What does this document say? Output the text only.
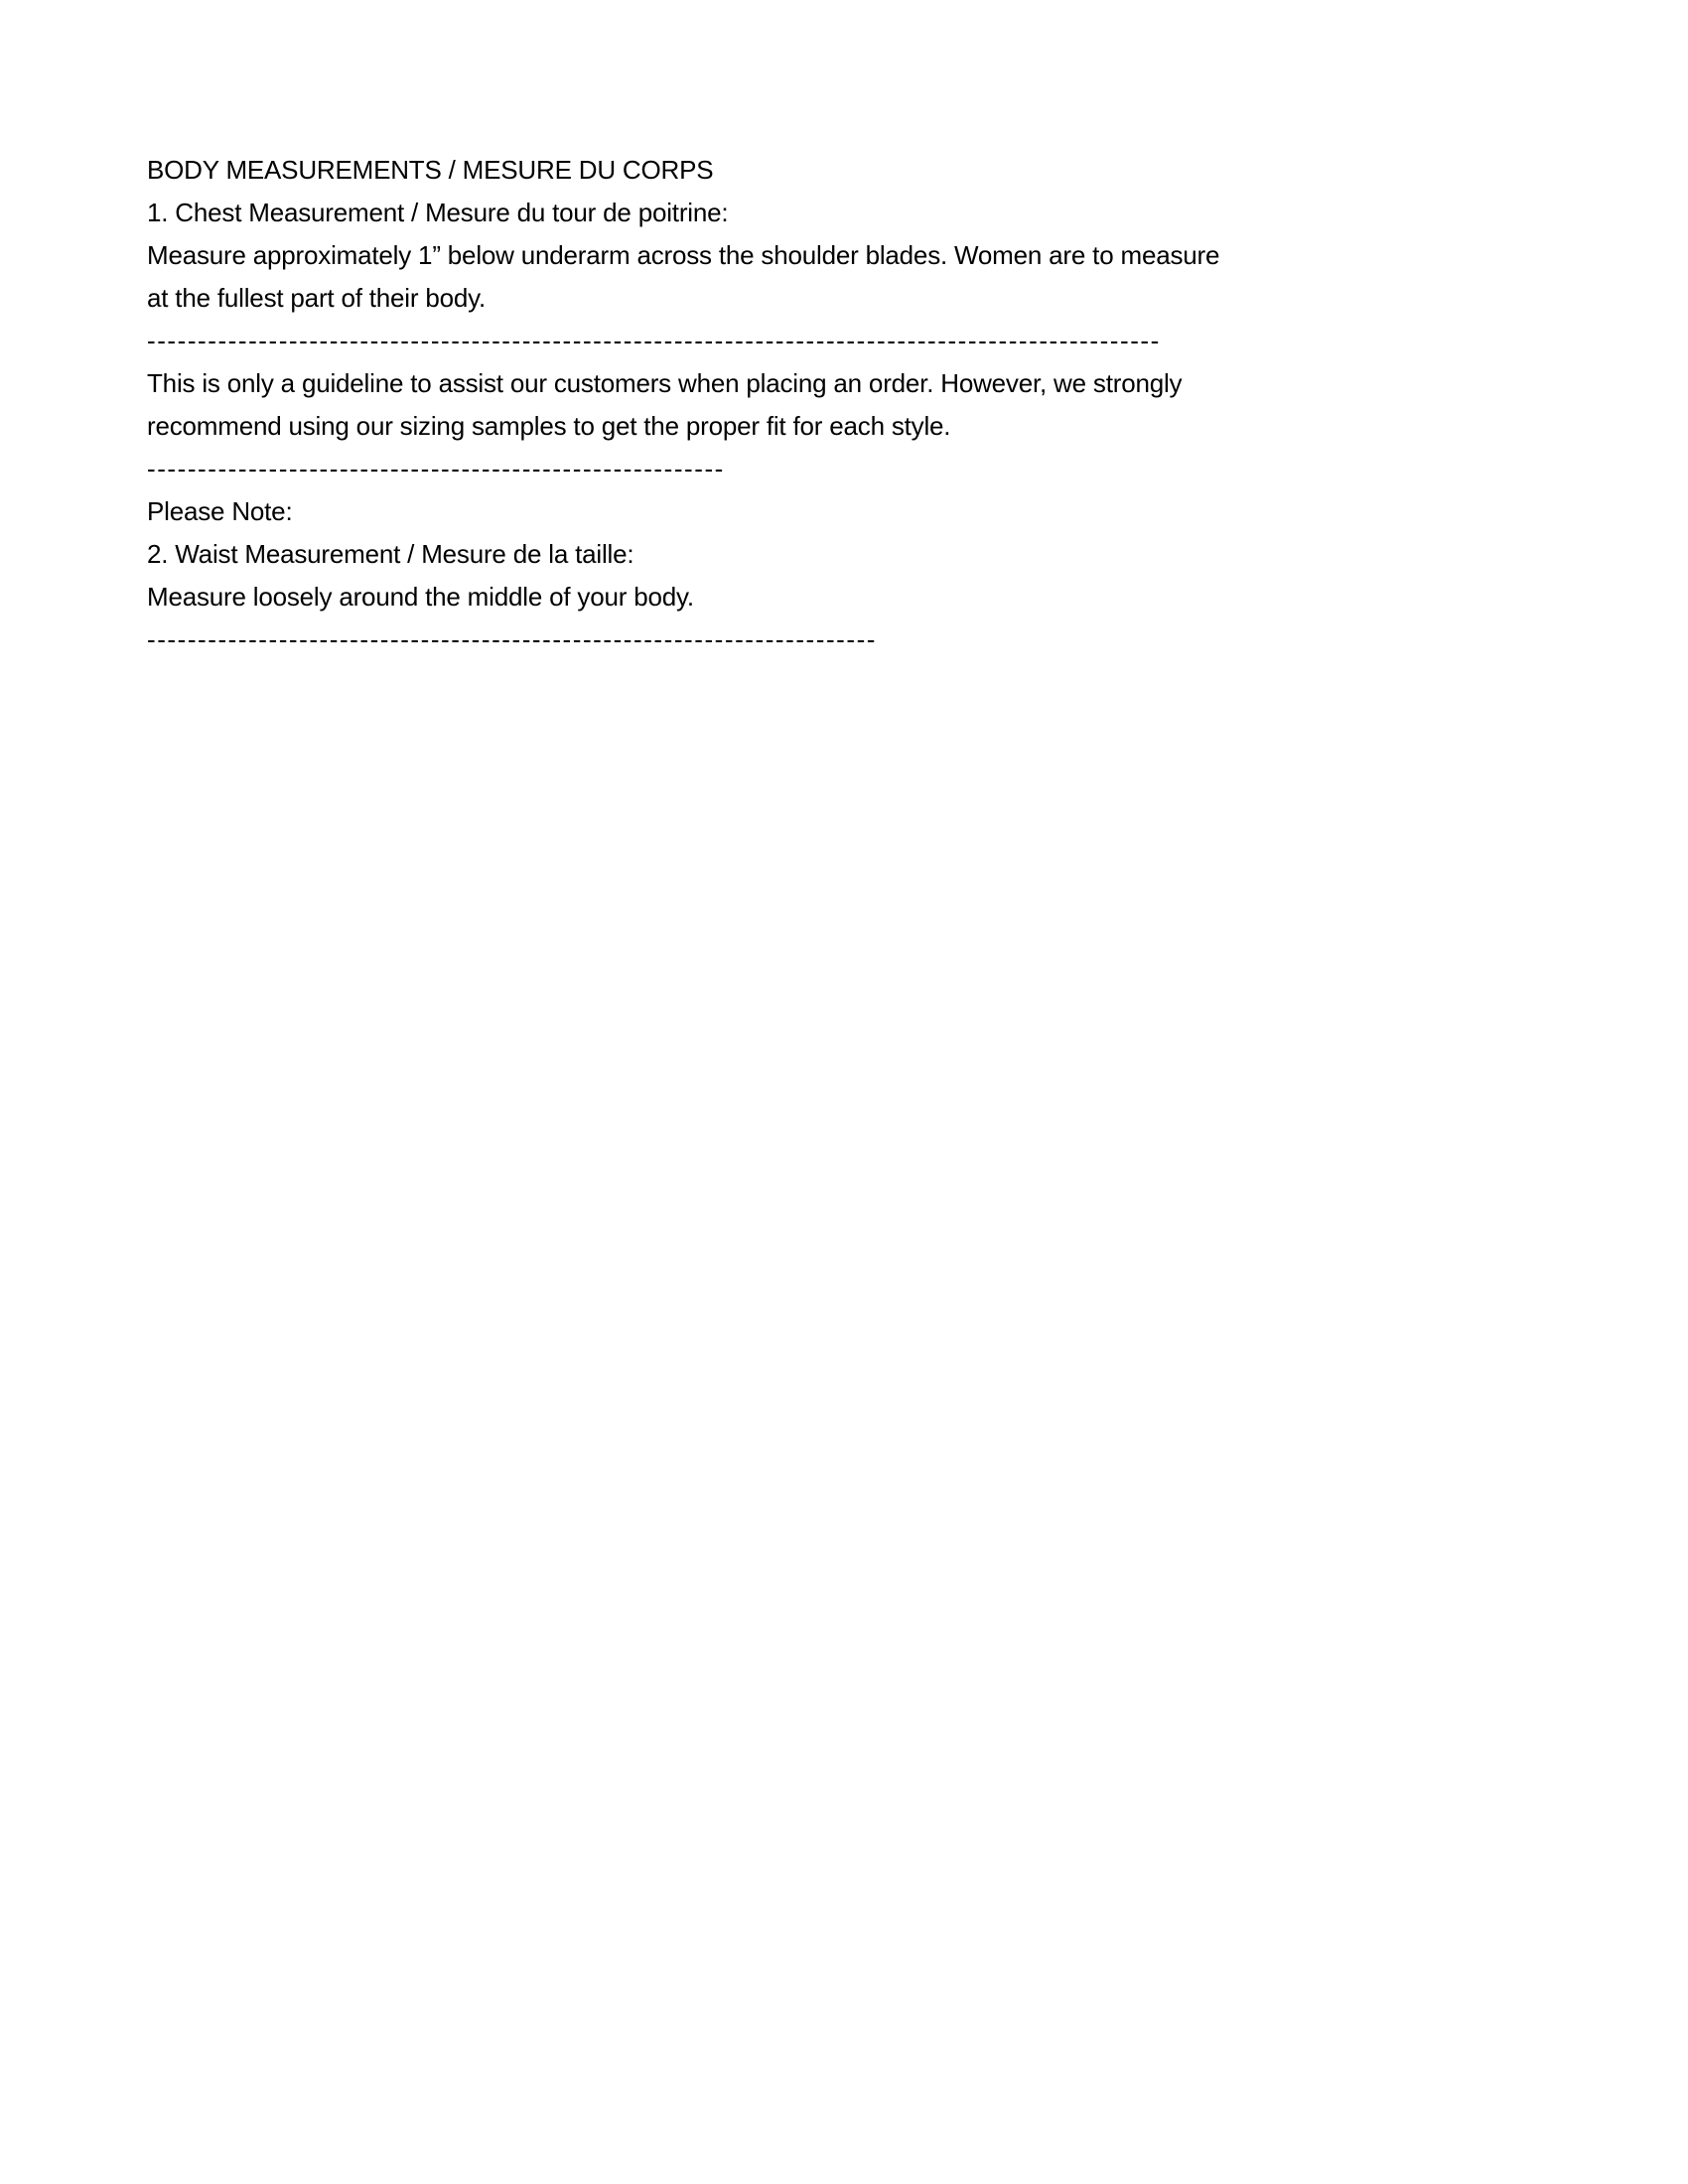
BODY MEASUREMENTS / MESURE DU CORPS
1. Chest Measurement / Mesure du tour de poitrine:
Measure approximately 1” below underarm across the shoulder blades. Women are to measure
at the fullest part of their body.
----------------------------------------------------------------------------------------------------
This is only a guideline to assist our customers when placing an order. However, we strongly
recommend using our sizing samples to get the proper fit for each style.
---------------------------------------------------------
Please Note:
2. Waist Measurement / Mesure de la taille:
Measure loosely around the middle of your body.
------------------------------------------------------------------------
